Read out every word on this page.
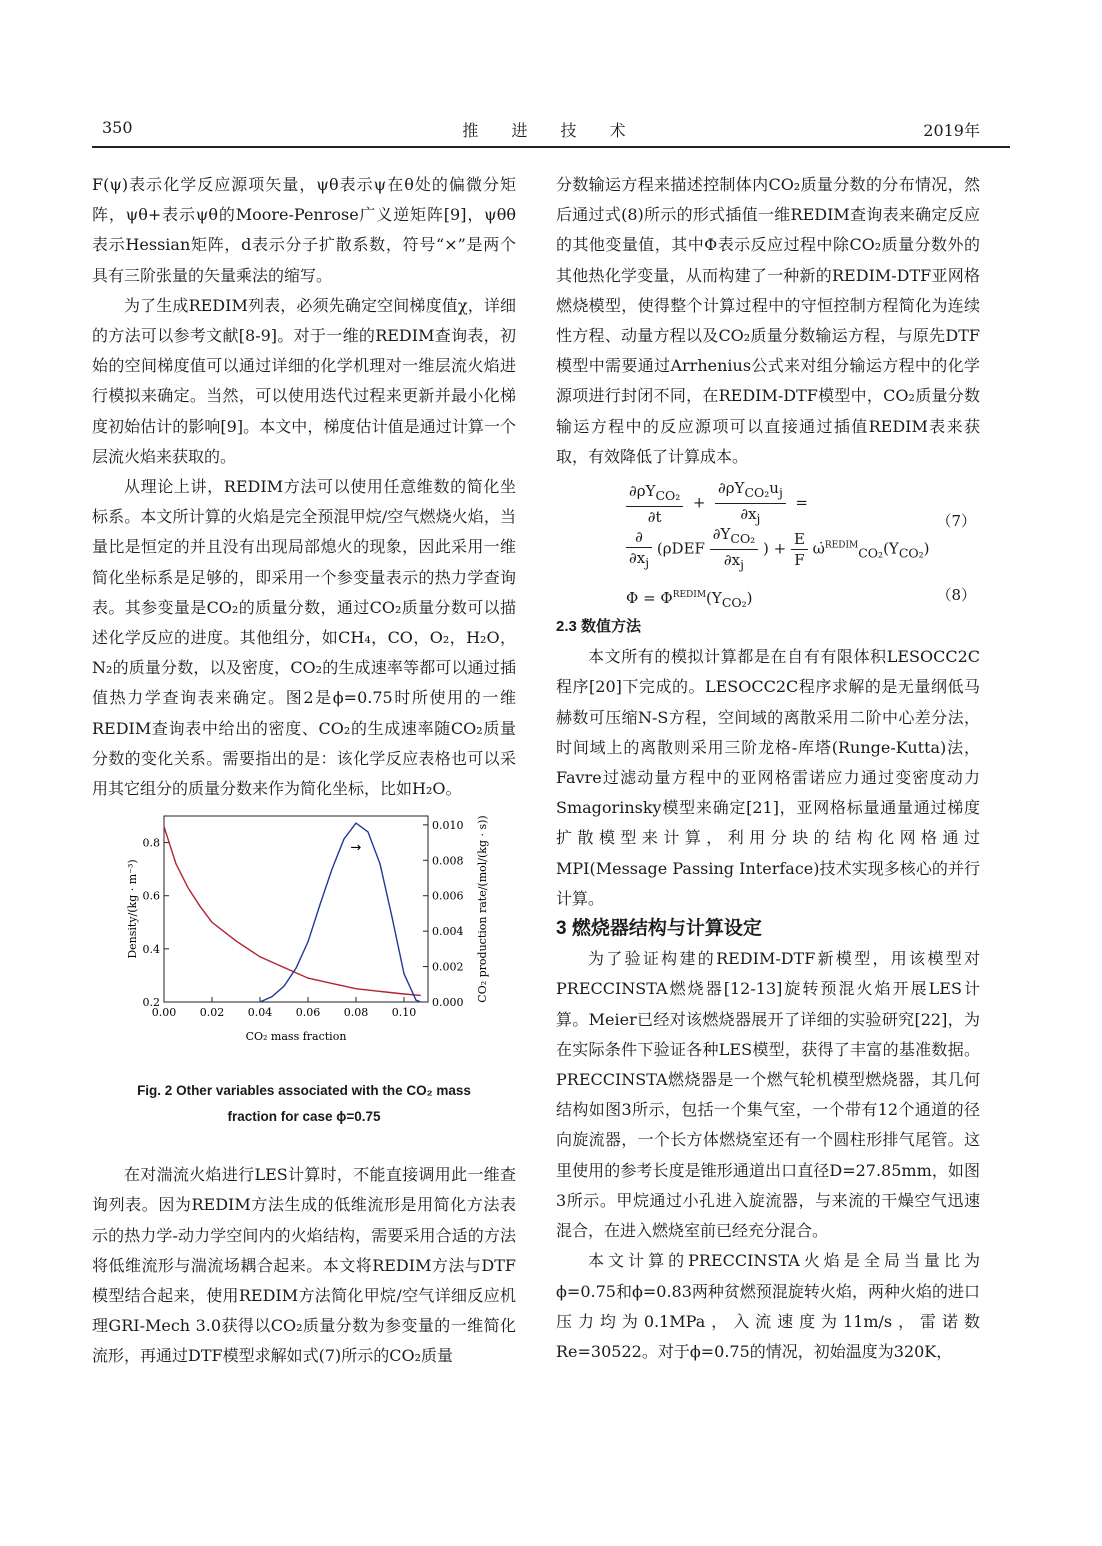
350	推 进 技 术	2019年

F(ψ)表示化学反应源项矢量，ψθ表示ψ在θ处的偏微分矩阵，ψθ+表示ψθ的Moore-Penrose广义逆矩阵[9]，ψθθ表示Hessian矩阵，d表示分子扩散系数，符号“×”是两个具有三阶张量的矢量乘法的缩写。

为了生成REDIM列表，必须先确定空间梯度值χ，详细的方法可以参考文献[8-9]。对于一维的REDIM查询表，初始的空间梯度值可以通过详细的化学机理对一维层流火焰进行模拟来确定。当然，可以使用迭代过程来更新并最小化梯度初始估计的影响[9]。本文中，梯度估计值是通过计算一个层流火焰来获取的。

从理论上讲，REDIM方法可以使用任意维数的简化坐标系。本文所计算的火焰是完全预混甲烷/空气燃烧火焰，当量比是恒定的并且没有出现局部熄火的现象，因此采用一维简化坐标系是足够的，即采用一个参变量表示的热力学查询表。其参变量是CO₂的质量分数，通过CO₂质量分数可以描述化学反应的进度。其他组分，如CH₄，CO，O₂，H₂O，N₂的质量分数，以及密度，CO₂的生成速率等都可以通过插值热力学查询表来确定。图2是ϕ=0.75时所使用的一维REDIM查询表中给出的密度、CO₂的生成速率随CO₂质量分数的变化关系。需要指出的是：该化学反应表格也可以采用其它组分的质量分数来作为简化坐标，比如H₂O。

0.00 0.02 0.04 0.06 0.08 0.10
0.2
0.4
0.6
0.8
0.000
0.002
0.004
0.006
0.008
0.010
→
CO₂ mass fraction
Density/(kg · m⁻³)	CO₂ production rate/(mol/(kg · s))
Fig. 2 Other variables associated with the CO₂ mass
fraction for case ϕ=0.75

在对湍流火焰进行LES计算时，不能直接调用此一维查询列表。因为REDIM方法生成的低维流形是用简化方法表示的热力学-动力学空间内的火焰结构，需要采用合适的方法将低维流形与湍流场耦合起来。本文将REDIM方法与DTF模型结合起来，使用REDIM方法简化甲烷/空气详细反应机理GRI-Mech 3.0获得以CO₂质量分数为参变量的一维简化流形，再通过DTF模型求解如式(7)所示的CO₂质量

分数输运方程来描述控制体内CO₂质量分数的分布情况，然后通过式(8)所示的形式插值一维REDIM查询表来确定反应的其他变量值，其中Φ表示反应过程中除CO₂质量分数外的其他热化学变量，从而构建了一种新的REDIM-DTF亚网格燃烧模型，使得整个计算过程中的守恒控制方程简化为连续性方程、动量方程以及CO₂质量分数输运方程，与原先DTF模型中需要通过Arrhenius公式来对组分输运方程中的化学源项进行封闭不同，在REDIM-DTF模型中，CO₂质量分数输运方程中的反应源项可以直接通过插值REDIM表来获取，有效降低了计算成本。

$\frac{\partial\rho Y_{CO_2}}{\partial t} + \frac{\partial\rho Y_{CO_2}u_j}{\partial x_j}$ =
（7）
$\frac{\partial}{\partial x_j} (\rho DEF \frac{\partial Y_{CO_2}}{\partial x_j}$ ) + $\frac{E}{F}$ $\omegȧ^{REDIM}_{CO_2}(Y_{CO_2})$
$\Phi = \Phi^{REDIM}(Y_{CO_2})$	（8）

2.3 数值方法

本文所有的模拟计算都是在自有有限体积LESOCC2C程序[20]下完成的。LESOCC2C程序求解的是无量纲低马赫数可压缩N-S方程，空间域的离散采用二阶中心差分法，时间域上的离散则采用三阶龙格-库塔(Runge-Kutta)法，Favre过滤动量方程中的亚网格雷诺应力通过变密度动力Smagorinsky模型来确定[21]，亚网格标量通量通过梯度扩散模型来计算，利用分块的结构化网格通过MPI(Message Passing Interface)技术实现多核心的并行计算。

3 燃烧器结构与计算设定

为了验证构建的REDIM-DTF新模型，用该模型对PRECCINSTA燃烧器[12-13]旋转预混火焰开展LES计算。Meier已经对该燃烧器展开了详细的实验研究[22]，为在实际条件下验证各种LES模型，获得了丰富的基准数据。PRECCINSTA燃烧器是一个燃气轮机模型燃烧器，其几何结构如图3所示，包括一个集气室，一个带有12个通道的径向旋流器，一个长方体燃烧室还有一个圆柱形排气尾管。这里使用的参考长度是锥形通道出口直径D=27.85mm，如图3所示。甲烷通过小孔进入旋流器，与来流的干燥空气迅速混合，在进入燃烧室前已经充分混合。

本文计算的PRECCINSTA火焰是全局当量比为ϕ=0.75和ϕ=0.83两种贫燃预混旋转火焰，两种火焰的进口压力均为0.1MPa，入流速度为11m/s，雷诺数Re=30522。对于ϕ=0.75的情况，初始温度为320K，
